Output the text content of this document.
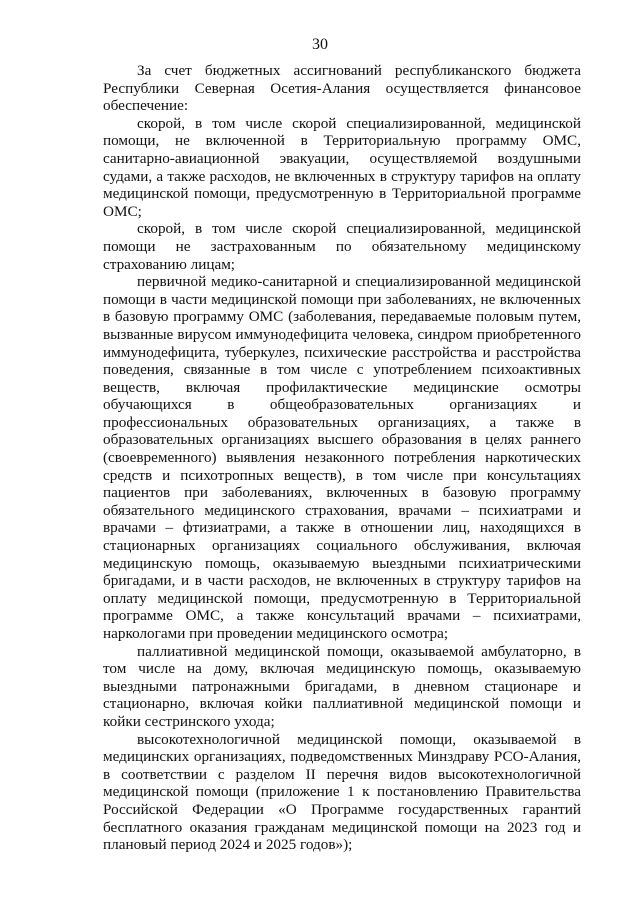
30

За счет бюджетных ассигнований республиканского бюджета Республики Северная Осетия-Алания осуществляется финансовое обеспечение:

скорой, в том числе скорой специализированной, медицинской помощи, не включенной в Территориальную программу ОМС, санитарно-авиационной эвакуации, осуществляемой воздушными судами, а также расходов, не включенных в структуру тарифов на оплату медицинской помощи, предусмотренную в Территориальной программе ОМС;

скорой, в том числе скорой специализированной, медицинской помощи не застрахованным по обязательному медицинскому страхованию лицам;

первичной медико-санитарной и специализированной медицинской помощи в части медицинской помощи при заболеваниях, не включенных в базовую программу ОМС (заболевания, передаваемые половым путем, вызванные вирусом иммунодефицита человека, синдром приобретенного иммунодефицита, туберкулез, психические расстройства и расстройства поведения, связанные в том числе с употреблением психоактивных веществ, включая профилактические медицинские осмотры обучающихся в общеобразовательных организациях и профессиональных образовательных организациях, а также в образовательных организациях высшего образования в целях раннего (своевременного) выявления незаконного потребления наркотических средств и психотропных веществ), в том числе при консультациях пациентов при заболеваниях, включенных в базовую программу обязательного медицинского страхования, врачами – психиатрами и врачами – фтизиатрами, а также в отношении лиц, находящихся в стационарных организациях социального обслуживания, включая медицинскую помощь, оказываемую выездными психиатрическими бригадами, и в части расходов, не включенных в структуру тарифов на оплату медицинской помощи, предусмотренную в Территориальной программе ОМС, а также консультаций врачами – психиатрами, наркологами при проведении медицинского осмотра;

паллиативной медицинской помощи, оказываемой амбулаторно, в том числе на дому, включая медицинскую помощь, оказываемую выездными патронажными бригадами, в дневном стационаре и стационарно, включая койки паллиативной медицинской помощи и койки сестринского ухода;

высокотехнологичной медицинской помощи, оказываемой в медицинских организациях, подведомственных Минздраву РСО-Алания, в соответствии с разделом II перечня видов высокотехнологичной медицинской помощи (приложение 1 к постановлению Правительства Российской Федерации «О Программе государственных гарантий бесплатного оказания гражданам медицинской помощи на 2023 год и плановый период 2024 и 2025 годов»);
